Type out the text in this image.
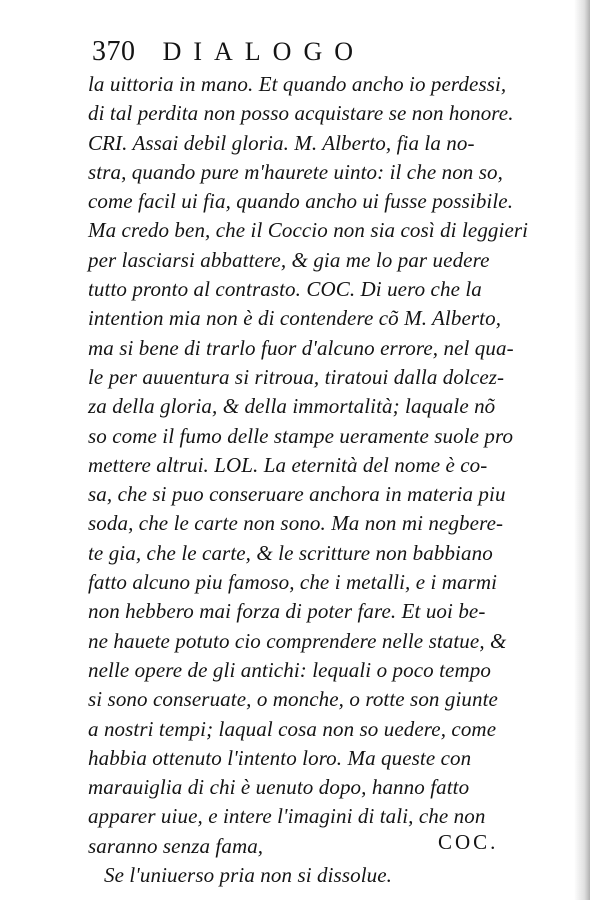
370 DIALOGO
la uittoria in mano. Et quando ancho io perdessi,
di tal perdita non posso acquistare se non honore.
CRI. Assai debil gloria. M. Alberto, fia la no-
stra, quando pure m'haurete uinto: il che non so,
come facil ui fia, quando ancho ui fusse possibile.
Ma credo ben, che il Coccio non sia così di leggieri
per lasciarsi abbattere, & gia me lo par uedere
tutto pronto al contrasto. COC. Di uero che la
intention mia non è di contendere cõ M. Alberto,
ma si bene di trarlo fuor d'alcuno errore, nel qua-
le per auuentura si ritroua, tiratoui dalla dolcez-
za della gloria, & della immortalità; laquale nõ
so come il fumo delle stampe ueramente suole pro
mettere altrui. LOL. La eternità del nome è co-
sa, che si puo conseruare anchora in materia piu
soda, che le carte non sono. Ma non mi negbere-
te gia, che le carte, & le scritture non babbiano
fatto alcuno piu famoso, che i metalli, e i marmi
non hebbero mai forza di poter fare. Et uoi be-
ne hauete potuto cio comprendere nelle statue, &
nelle opere de gli antichi: lequali o poco tempo
si sono conseruate, o monche, o rotte son giunte
a nostri tempi; laqual cosa non so uedere, come
habbia ottenuto l'intento loro. Ma queste con
marauiglia di chi è uenuto dopo, hanno fatto
apparer uiue, e intere l'imagini di tali, che non
saranno senza fama,
Se l'uniuerso pria non si dissolue.
COC.
